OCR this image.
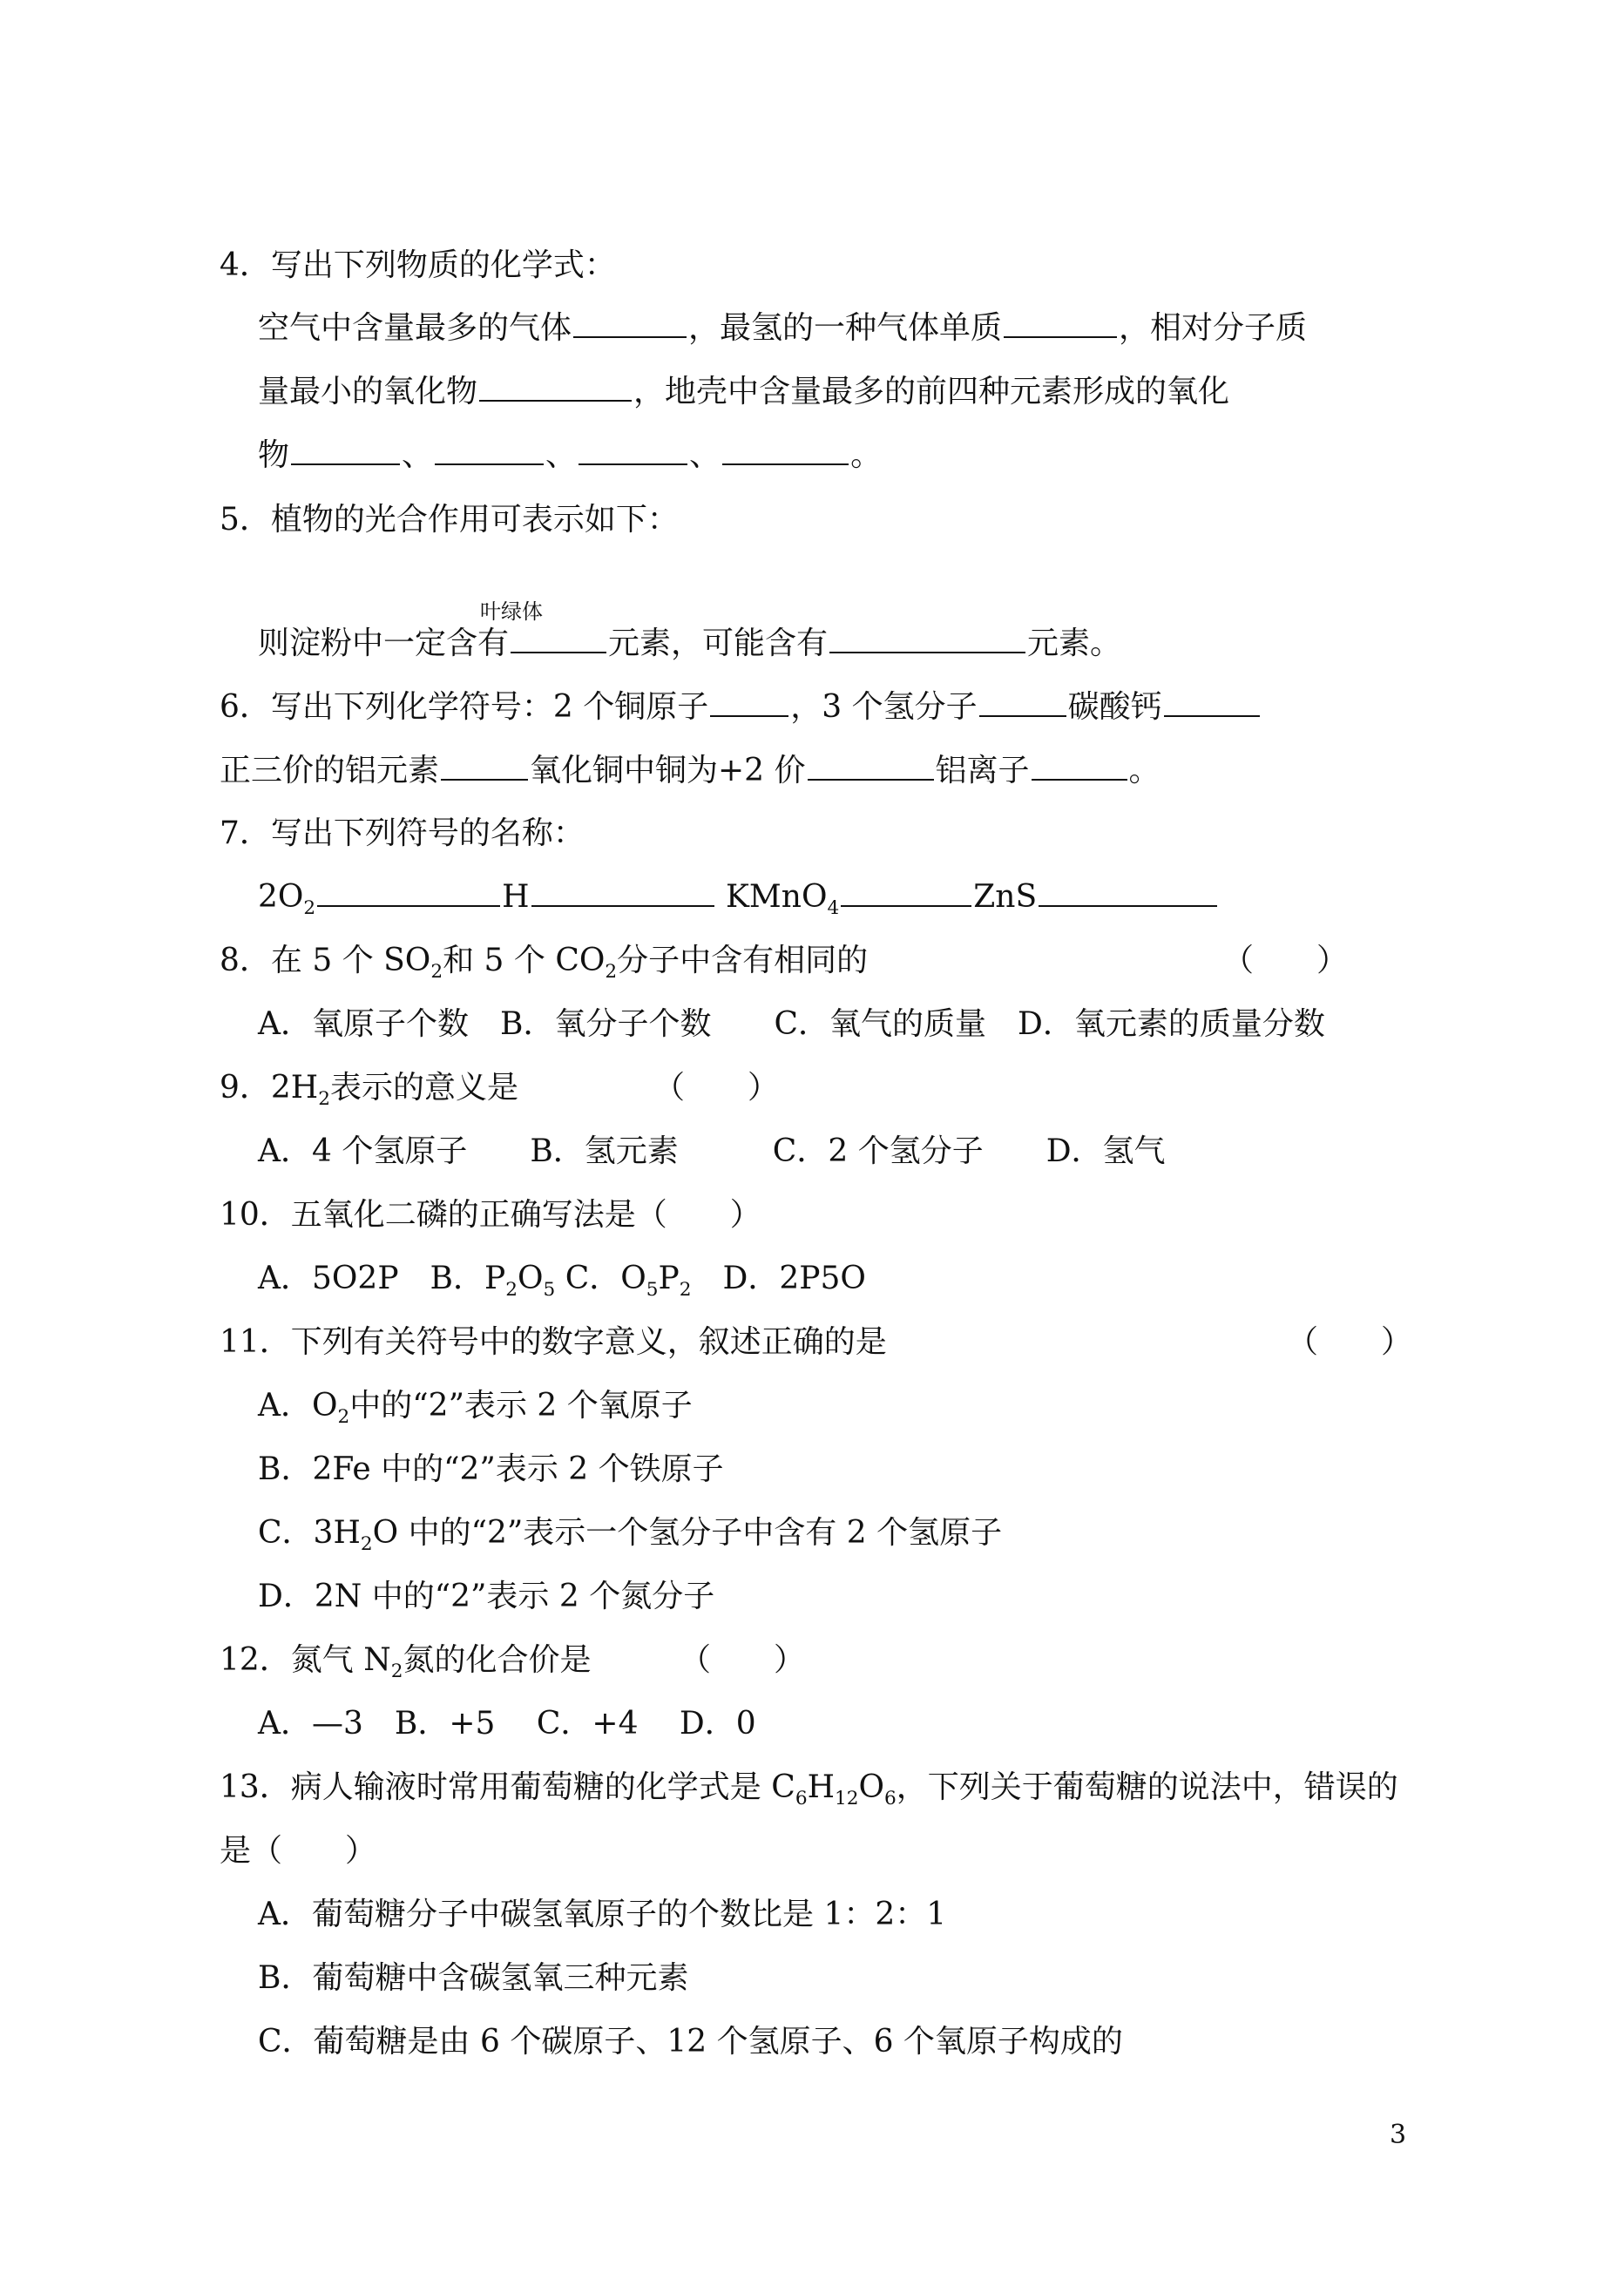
4．写出下列物质的化学式：
空气中含量最多的气体	，最氢的一种气体单质	，相对分子质
量最小的氧化物	，地壳中含量最多的前四种元素形成的氧化
物	、	、	、	。
5．植物的光合作用可表示如下：
叶绿体
则淀粉中一定含有	元素，可能含有	元素。
6．写出下列化学符号：2 个铜原子	，3 个氢分子	碳酸钙
正三价的铝元素	氧化铜中铜为+2 价	铝离子	。
7．写出下列符号的名称：
$2O_2$	H	KMnO$_4$	ZnS
8．在 5 个 $SO_2$和 5 个 $CO_2$分子中含有相同的	（　　）
A．氧原子个数　B．氧分子个数　　C．氧气的质量　D．氧元素的质量分数
9．$2H_2$表示的意义是	（　　）
A．4 个氢原子　　B．氢元素　　　C．2 个氢分子　　D．氢气
10．五氧化二磷的正确写法是（　　）
A．5O2P　B．$P_2O_5$ C．$O_5P_2$　D．2P5O
11．下列有关符号中的数字意义，叙述正确的是	（　　）
A．$O_2$中的“2”表示 2 个氧原子
B．2Fe 中的“2”表示 2 个铁原子
C．$3H_2O$ 中的“2”表示一个氢分子中含有 2 个氢原子
D．2N 中的“2”表示 2 个氮分子
12．氮气 $N_2$氮的化合价是	（　　）
A．—3　B．+5　 C．+4　 D．0
13．病人输液时常用葡萄糖的化学式是 $C_6H_{12}O_6$，下列关于葡萄糖的说法中，错误的
是（　　）
A．葡萄糖分子中碳氢氧原子的个数比是 1：2：1
B．葡萄糖中含碳氢氧三种元素
C．葡萄糖是由 6 个碳原子、12 个氢原子、6 个氧原子构成的
3
